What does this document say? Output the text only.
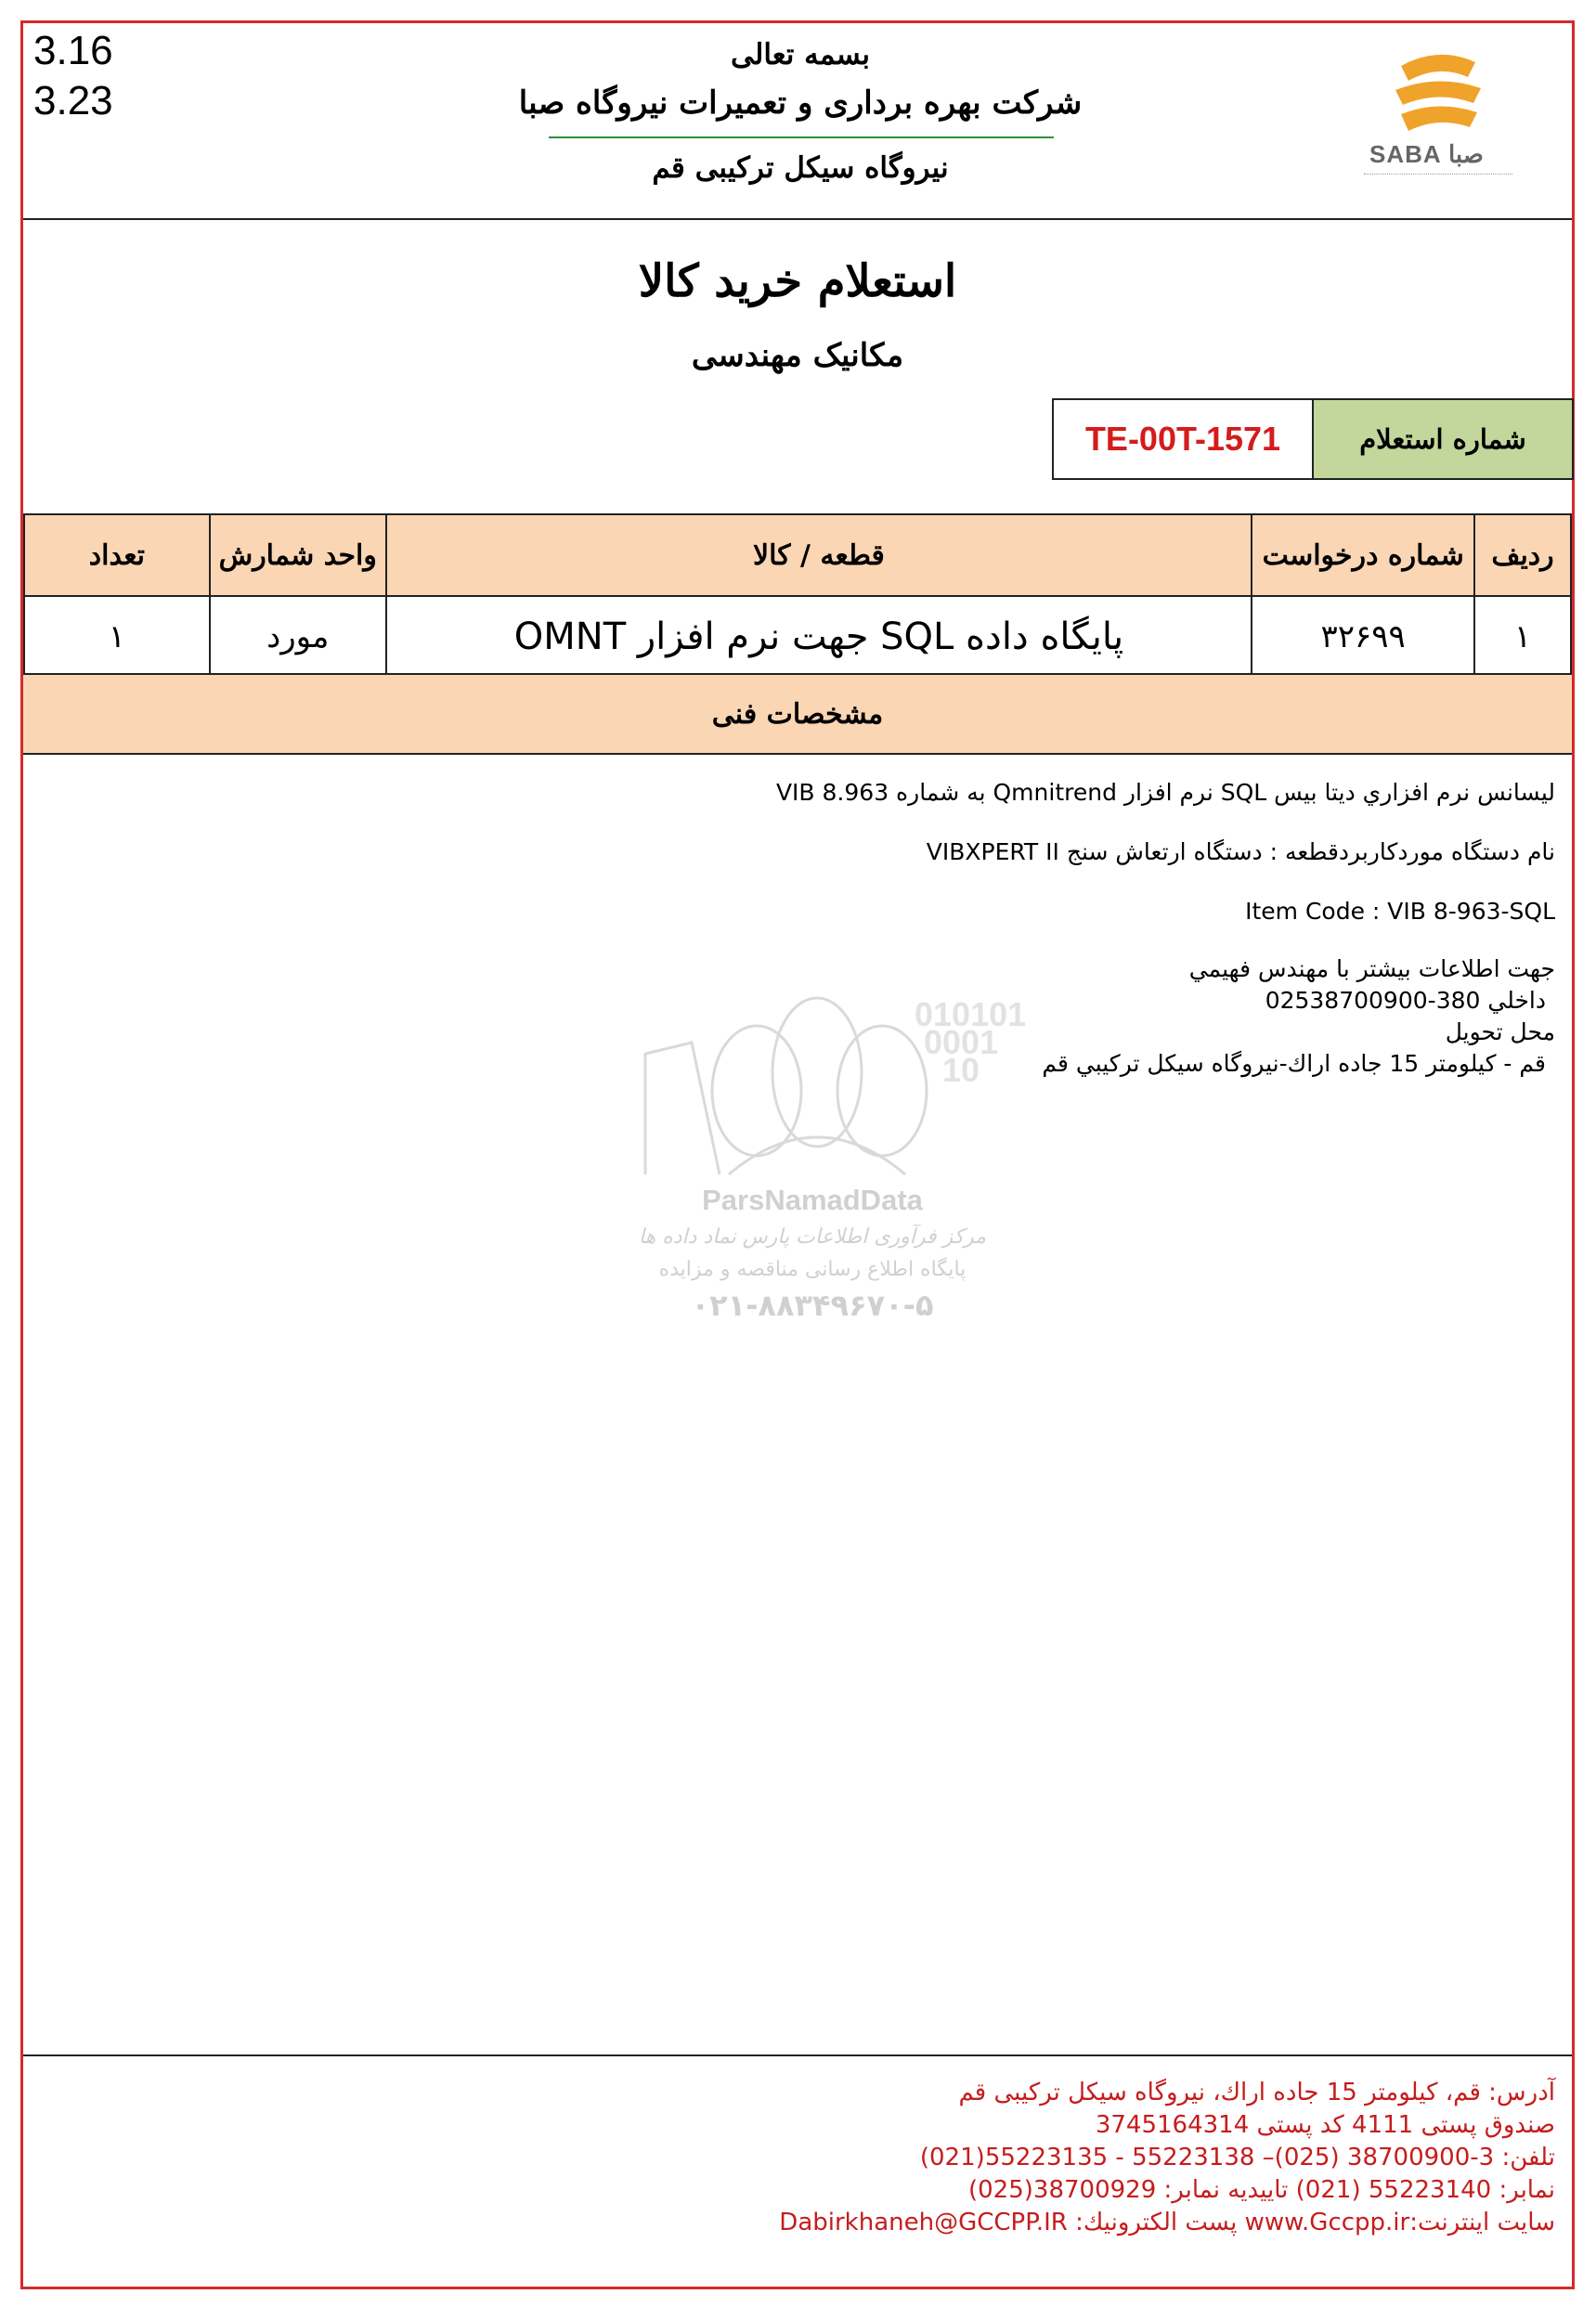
3.16
3.23
SABA صبا
بسمه تعالی
شرکت بهره برداری و تعمیرات نیروگاه صبا
نیروگاه سیکل ترکیبی قم
استعلام خرید کالا
مکانیک مهندسی
شماره استعلام
TE-00T-1571
ردیف	شماره درخواست	قطعه / کالا	واحد شمارش	تعداد
۱	۳۲۶۹۹	پایگاه داده SQL جهت نرم افزار OMNT	مورد	۱
مشخصات فنی
ليسانس نرم افزاري ديتا بيس SQL نرم افزار Qmnitrend به شماره VIB 8.963
نام دستگاه موردکاربردقطعه : دستگاه ارتعاش سنج VIBXPERT II
Item Code : VIB 8-963-SQL
جهت اطلاعات بيشتر با مهندس فهيمي
داخلي 380-02538700900
محل تحويل
قم - كيلومتر 15 جاده اراك-نيروگاه سيكل تركيبي قم
010101
0001
10
ParsNamadData
مرکز فرآوری اطلاعات پارس نماد داده ها
پایگاه اطلاع رسانی مناقصه و مزایده
۰۲۱-۸۸۳۴۹۶۷۰-۵
آدرس: قم، کیلومتر 15 جاده اراك، نیروگاه سیکل ترکیبی قم
صندوق پستی 4111 کد پستی 3745164314
تلفن: 3-38700900 (025)– 55223138 - 55223135(021)
نمابر: 55223140 (021) تاییدیه نمابر: 38700929(025)
سایت اینترنت:www.Gccpp.ir پست الکترونیك: Dabirkhaneh@GCCPP.IR
